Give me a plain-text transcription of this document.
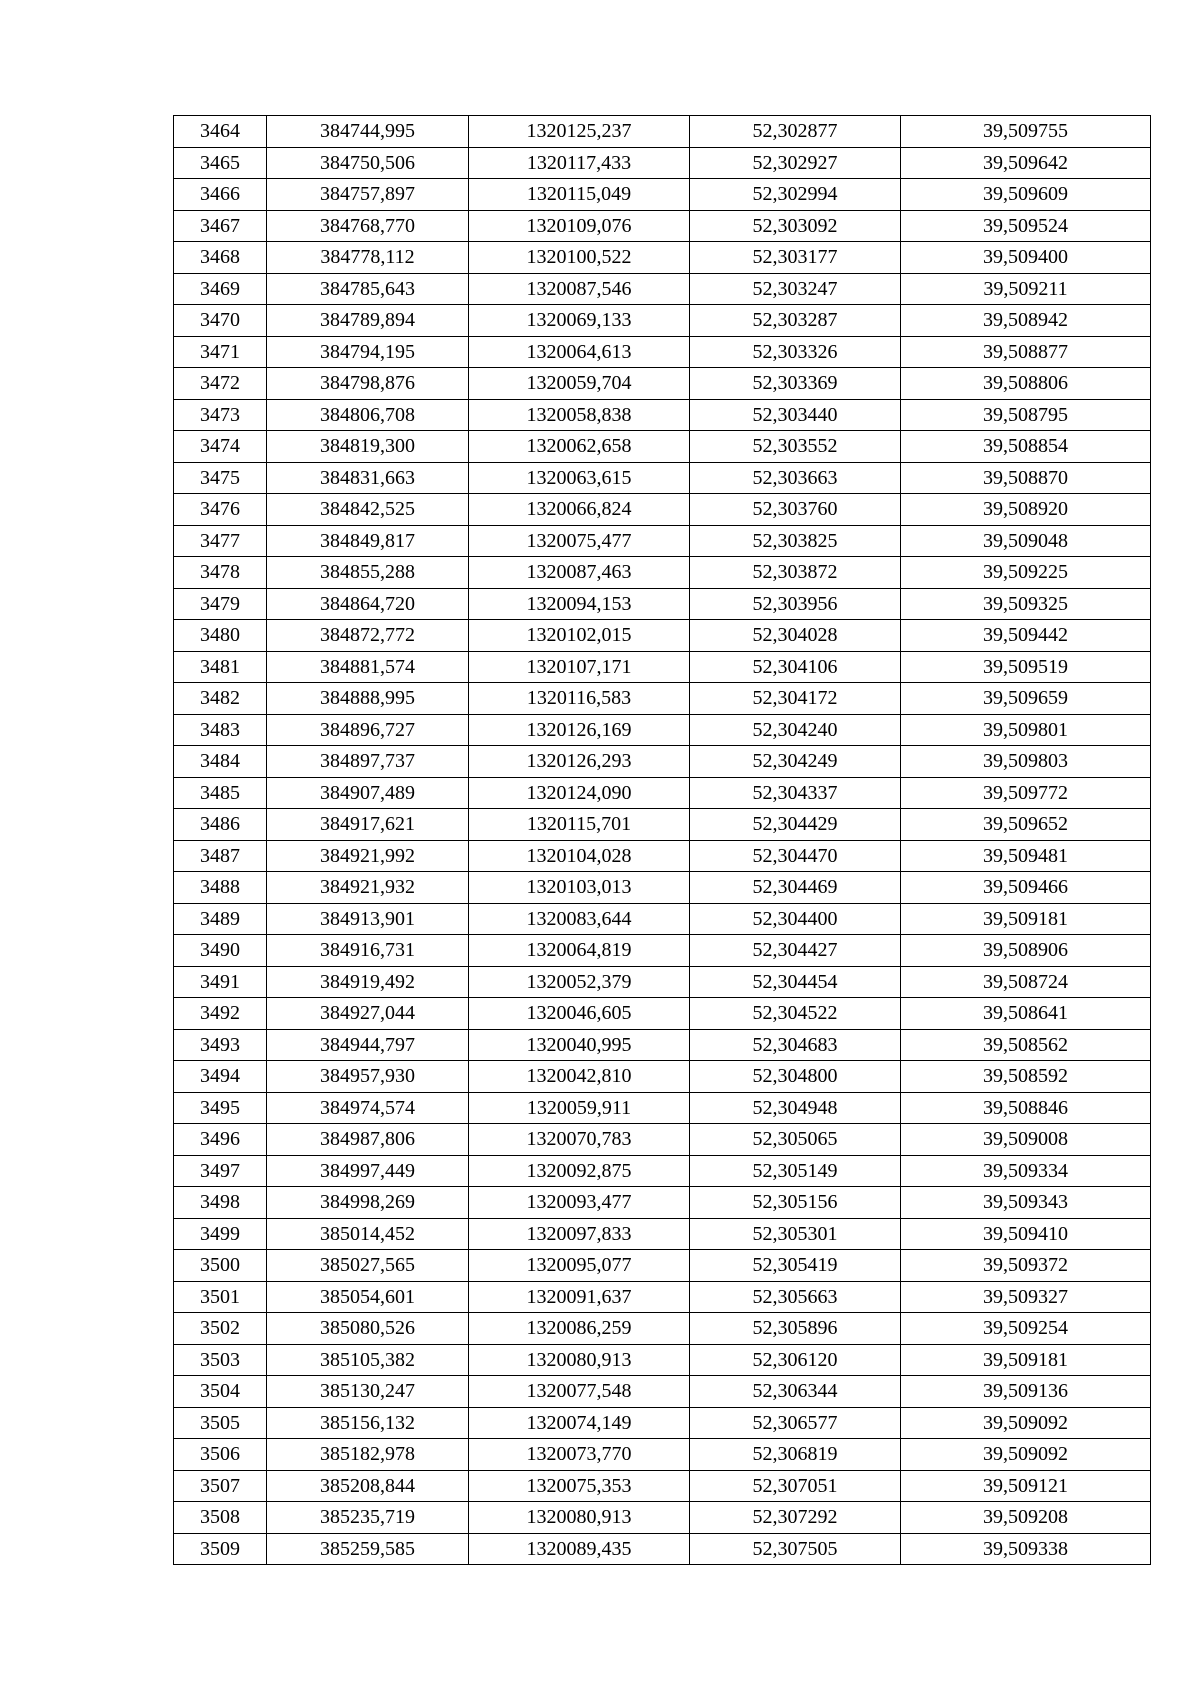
3464	384744,995	1320125,237	52,302877	39,509755
3465	384750,506	1320117,433	52,302927	39,509642
3466	384757,897	1320115,049	52,302994	39,509609
3467	384768,770	1320109,076	52,303092	39,509524
3468	384778,112	1320100,522	52,303177	39,509400
3469	384785,643	1320087,546	52,303247	39,509211
3470	384789,894	1320069,133	52,303287	39,508942
3471	384794,195	1320064,613	52,303326	39,508877
3472	384798,876	1320059,704	52,303369	39,508806
3473	384806,708	1320058,838	52,303440	39,508795
3474	384819,300	1320062,658	52,303552	39,508854
3475	384831,663	1320063,615	52,303663	39,508870
3476	384842,525	1320066,824	52,303760	39,508920
3477	384849,817	1320075,477	52,303825	39,509048
3478	384855,288	1320087,463	52,303872	39,509225
3479	384864,720	1320094,153	52,303956	39,509325
3480	384872,772	1320102,015	52,304028	39,509442
3481	384881,574	1320107,171	52,304106	39,509519
3482	384888,995	1320116,583	52,304172	39,509659
3483	384896,727	1320126,169	52,304240	39,509801
3484	384897,737	1320126,293	52,304249	39,509803
3485	384907,489	1320124,090	52,304337	39,509772
3486	384917,621	1320115,701	52,304429	39,509652
3487	384921,992	1320104,028	52,304470	39,509481
3488	384921,932	1320103,013	52,304469	39,509466
3489	384913,901	1320083,644	52,304400	39,509181
3490	384916,731	1320064,819	52,304427	39,508906
3491	384919,492	1320052,379	52,304454	39,508724
3492	384927,044	1320046,605	52,304522	39,508641
3493	384944,797	1320040,995	52,304683	39,508562
3494	384957,930	1320042,810	52,304800	39,508592
3495	384974,574	1320059,911	52,304948	39,508846
3496	384987,806	1320070,783	52,305065	39,509008
3497	384997,449	1320092,875	52,305149	39,509334
3498	384998,269	1320093,477	52,305156	39,509343
3499	385014,452	1320097,833	52,305301	39,509410
3500	385027,565	1320095,077	52,305419	39,509372
3501	385054,601	1320091,637	52,305663	39,509327
3502	385080,526	1320086,259	52,305896	39,509254
3503	385105,382	1320080,913	52,306120	39,509181
3504	385130,247	1320077,548	52,306344	39,509136
3505	385156,132	1320074,149	52,306577	39,509092
3506	385182,978	1320073,770	52,306819	39,509092
3507	385208,844	1320075,353	52,307051	39,509121
3508	385235,719	1320080,913	52,307292	39,509208
3509	385259,585	1320089,435	52,307505	39,509338
